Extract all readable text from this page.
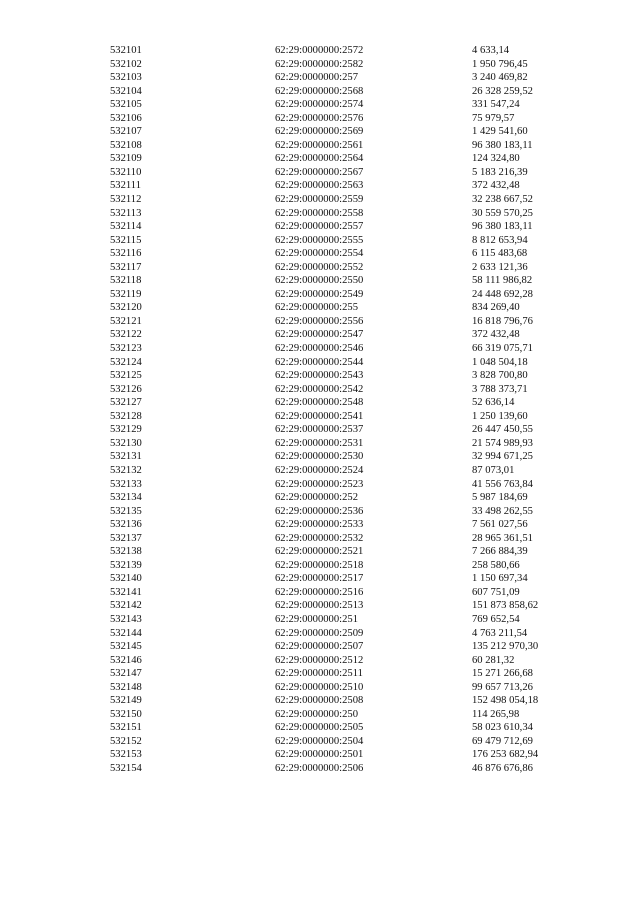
532101	62:29:0000000:2572	4 633,14
532102	62:29:0000000:2582	1 950 796,45
532103	62:29:0000000:257	3 240 469,82
532104	62:29:0000000:2568	26 328 259,52
532105	62:29:0000000:2574	331 547,24
532106	62:29:0000000:2576	75 979,57
532107	62:29:0000000:2569	1 429 541,60
532108	62:29:0000000:2561	96 380 183,11
532109	62:29:0000000:2564	124 324,80
532110	62:29:0000000:2567	5 183 216,39
532111	62:29:0000000:2563	372 432,48
532112	62:29:0000000:2559	32 238 667,52
532113	62:29:0000000:2558	30 559 570,25
532114	62:29:0000000:2557	96 380 183,11
532115	62:29:0000000:2555	8 812 653,94
532116	62:29:0000000:2554	6 115 483,68
532117	62:29:0000000:2552	2 633 121,36
532118	62:29:0000000:2550	58 111 986,82
532119	62:29:0000000:2549	24 448 692,28
532120	62:29:0000000:255	834 269,40
532121	62:29:0000000:2556	16 818 796,76
532122	62:29:0000000:2547	372 432,48
532123	62:29:0000000:2546	66 319 075,71
532124	62:29:0000000:2544	1 048 504,18
532125	62:29:0000000:2543	3 828 700,80
532126	62:29:0000000:2542	3 788 373,71
532127	62:29:0000000:2548	52 636,14
532128	62:29:0000000:2541	1 250 139,60
532129	62:29:0000000:2537	26 447 450,55
532130	62:29:0000000:2531	21 574 989,93
532131	62:29:0000000:2530	32 994 671,25
532132	62:29:0000000:2524	87 073,01
532133	62:29:0000000:2523	41 556 763,84
532134	62:29:0000000:252	5 987 184,69
532135	62:29:0000000:2536	33 498 262,55
532136	62:29:0000000:2533	7 561 027,56
532137	62:29:0000000:2532	28 965 361,51
532138	62:29:0000000:2521	7 266 884,39
532139	62:29:0000000:2518	258 580,66
532140	62:29:0000000:2517	1 150 697,34
532141	62:29:0000000:2516	607 751,09
532142	62:29:0000000:2513	151 873 858,62
532143	62:29:0000000:251	769 652,54
532144	62:29:0000000:2509	4 763 211,54
532145	62:29:0000000:2507	135 212 970,30
532146	62:29:0000000:2512	60 281,32
532147	62:29:0000000:2511	15 271 266,68
532148	62:29:0000000:2510	99 657 713,26
532149	62:29:0000000:2508	152 498 054,18
532150	62:29:0000000:250	114 265,98
532151	62:29:0000000:2505	58 023 610,34
532152	62:29:0000000:2504	69 479 712,69
532153	62:29:0000000:2501	176 253 682,94
532154	62:29:0000000:2506	46 876 676,86
